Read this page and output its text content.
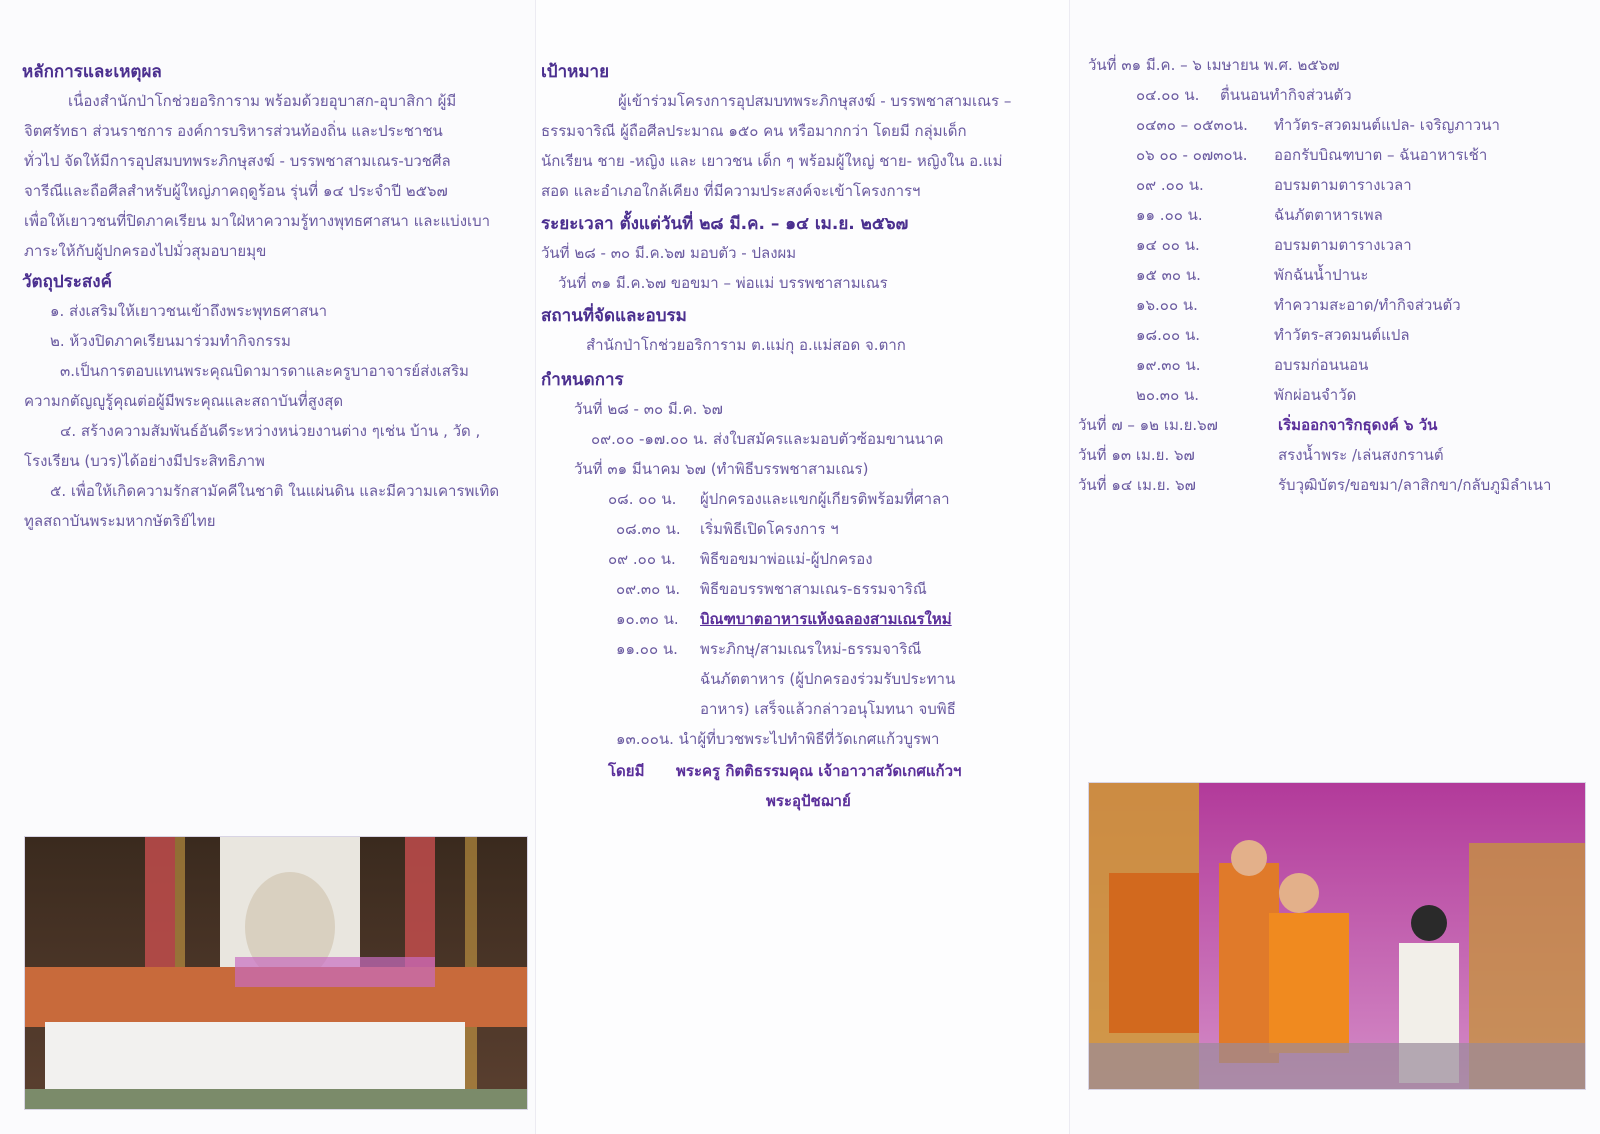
หลักการและเหตุผล
เนื่องสำนักป่าโกช่วยอริการาม พร้อมด้วยอุบาสก-อุบาสิกา ผู้มี
จิตศรัทธา ส่วนราชการ องค์การบริหารส่วนท้องถิ่น และประชาชน
ทั่วไป จัดให้มีการอุปสมบทพระภิกษุสงฆ์ - บรรพชาสามเณร-บวชศีล
จารีณีและถือศีลสำหรับผู้ใหญ่ภาคฤดูร้อน รุ่นที่ ๑๔ ประจำปี ๒๕๖๗
เพื่อให้เยาวชนที่ปิดภาคเรียน มาใฝ่หาความรู้ทางพุทธศาสนา และแบ่งเบา
ภาระให้กับผู้ปกครองไปมั่วสุมอบายมุข
วัตถุประสงค์
๑. ส่งเสริมให้เยาวชนเข้าถึงพระพุทธศาสนา
๒. ห้วงปิดภาคเรียนมาร่วมทำกิจกรรม
๓.เป็นการตอบแทนพระคุณบิดามารดาและครูบาอาจารย์ส่งเสริม
ความกตัญญูรู้คุณต่อผู้มีพระคุณและสถาบันที่สูงสุด
๔. สร้างความสัมพันธ์อันดีระหว่างหน่วยงานต่าง ๆเช่น บ้าน , วัด ,
โรงเรียน (บวร)ได้อย่างมีประสิทธิภาพ
๕. เพื่อให้เกิดความรักสามัคคีในชาติ ในแผ่นดิน และมีความเคารพเทิด
ทูลสถาบันพระมหากษัตริย์ไทย
เป้าหมาย
ผู้เข้าร่วมโครงการอุปสมบทพระภิกษุสงฆ์ - บรรพชาสามเณร –
ธรรมจาริณี ผู้ถือศีลประมาณ ๑๕๐ คน หรือมากกว่า โดยมี กลุ่มเด็ก
นักเรียน ชาย -หญิง และ เยาวชน เด็ก ๆ พร้อมผู้ใหญ่ ชาย- หญิงใน อ.แม่
สอด และอำเภอใกล้เคียง ที่มีความประสงค์จะเข้าโครงการฯ
ระยะเวลา ตั้งแต่วันที่ ๒๘ มี.ค. – ๑๔ เม.ย. ๒๕๖๗
วันที่ ๒๘ - ๓๐ มี.ค.๖๗ มอบตัว - ปลงผม
วันที่ ๓๑ มี.ค.๖๗ ขอขมา – พ่อแม่ บรรพชาสามเณร
สถานที่จัดและอบรม
สำนักป่าโกช่วยอริการาม ต.แม่กุ อ.แม่สอด จ.ตาก
กำหนดการ
วันที่ ๒๘ - ๓๐ มี.ค. ๖๗
๐๙.๐๐ -๑๗.๐๐ น. ส่งใบสมัครและมอบตัวซ้อมขานนาค
วันที่ ๓๑ มีนาคม ๖๗ (ทำพิธีบรรพชาสามเณร)
๐๘. ๐๐ น. ผู้ปกครองและแขกผู้เกียรติพร้อมที่ศาลา
๐๘.๓๐ น. เริ่มพิธีเปิดโครงการ ฯ
๐๙ .๐๐ น. พิธีขอขมาพ่อแม่-ผู้ปกครอง
๐๙.๓๐ น. พิธีขอบรรพชาสามเณร-ธรรมจาริณี
๑๐.๓๐ น. บิณฑบาตอาหารแห้งฉลองสามเณรใหม่
๑๑.๐๐ น. พระภิกษุ/สามเณรใหม่-ธรรมจาริณี
ฉันภัตตาหาร (ผู้ปกครองร่วมรับประทาน
อาหาร) เสร็จแล้วกล่าวอนุโมทนา จบพิธี
๑๓.๐๐น. นำผู้ที่บวชพระไปทำพิธีที่วัดเกศแก้วบูรพา
โดยมี พระครู กิตติธรรมคุณ เจ้าอาวาสวัดเกศแก้วฯ
พระอุปัชฌาย์
วันที่ ๓๑ มี.ค. – ๖ เมษายน พ.ศ. ๒๕๖๗
๐๔.๐๐ น. ตื่นนอนทำกิจส่วนตัว
๐๔๓๐ – ๐๕๓๐น. ทำวัตร-สวดมนต์แปล- เจริญภาวนา
๐๖ ๐๐ - ๐๗๓๐น. ออกรับบิณฑบาต – ฉันอาหารเช้า
๐๙ .๐๐ น.	อบรมตามตารางเวลา
๑๑ .๐๐ น.	ฉันภัตตาหารเพล
๑๔ ๐๐ น.	อบรมตามตารางเวลา
๑๕ ๓๐ น.	พักฉันน้ำปานะ
๑๖.๐๐ น.	ทำความสะอาด/ทำกิจส่วนตัว
๑๘.๐๐ น.	ทำวัตร-สวดมนต์แปล
๑๙.๓๐ น.	อบรมก่อนนอน
๒๐.๓๐ น.	พักผ่อนจำวัด
วันที่ ๗ – ๑๒ เม.ย.๖๗	เริ่มออกจาริกธุดงค์ ๖ วัน
วันที่ ๑๓ เม.ย. ๖๗	สรงน้ำพระ /เล่นสงกรานต์
วันที่ ๑๔ เม.ย. ๖๗	รับวุฒิบัตร/ขอขมา/ลาสิกขา/กลับภูมิลำเนา
